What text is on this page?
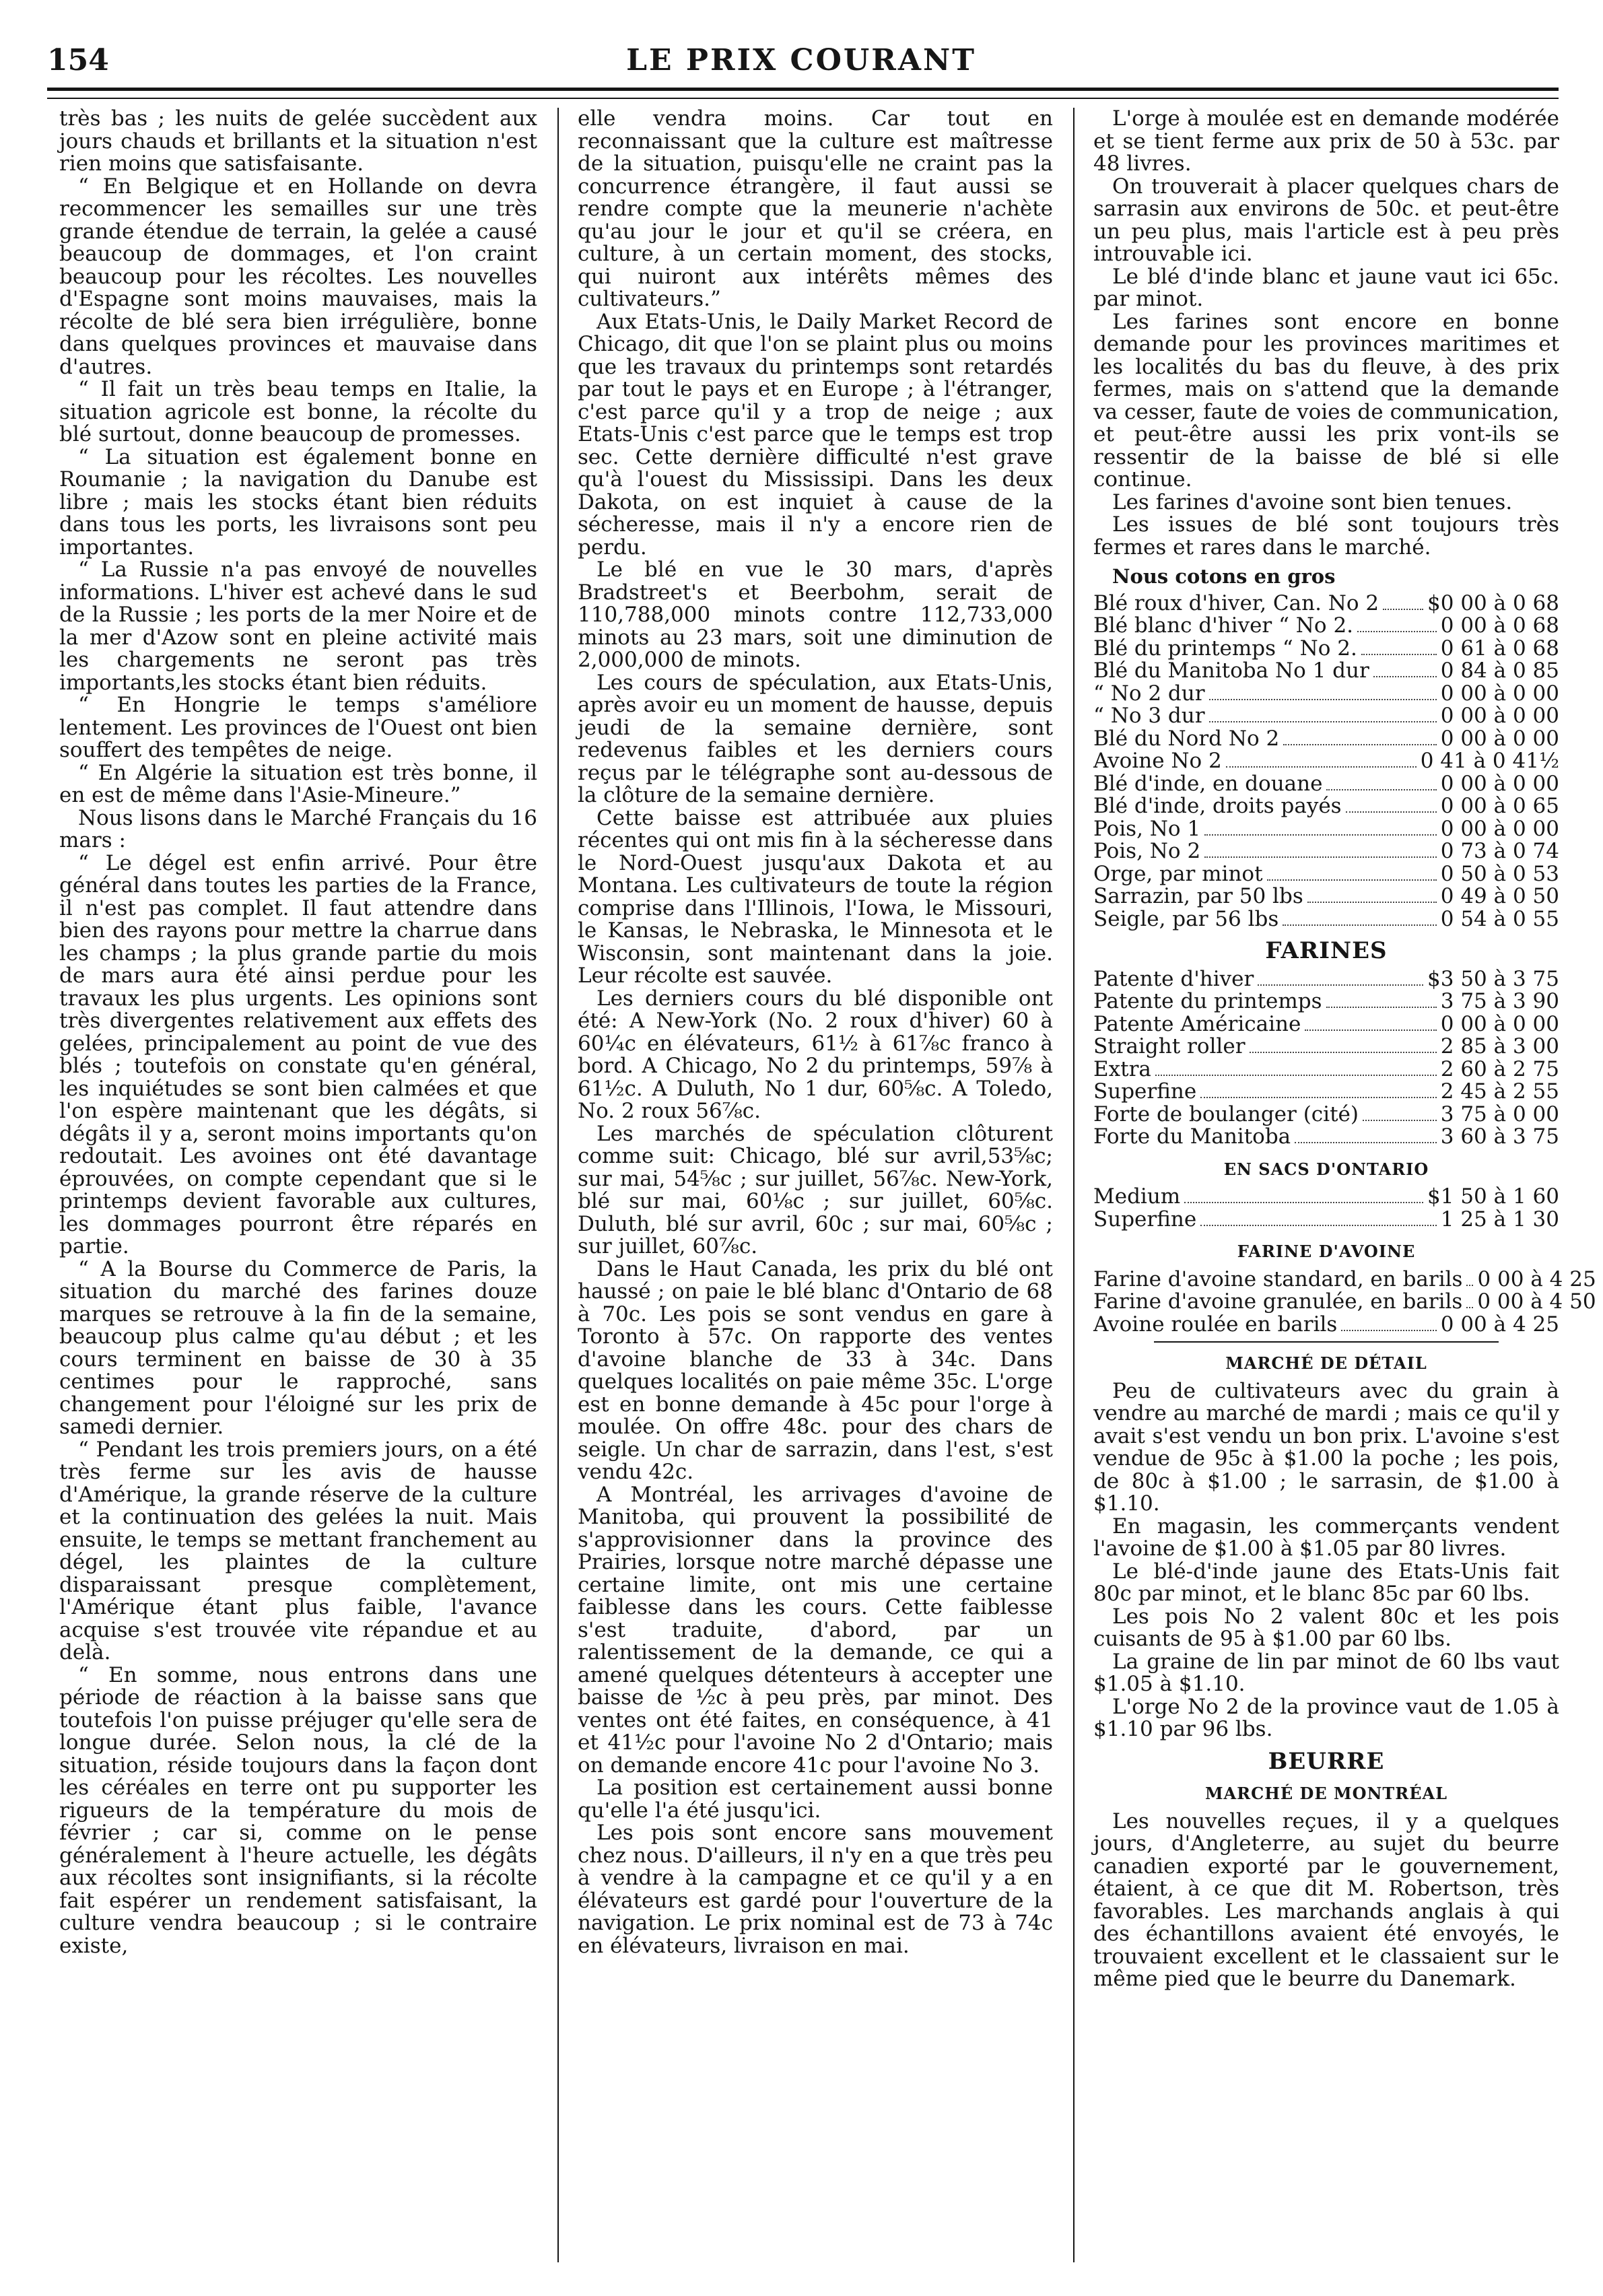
LE PRIX COURANT
154

très bas ; les nuits de gelée succèdent aux jours chauds et brillants et la situation n'est rien moins que satisfaisante.

“ En Belgique et en Hollande on devra recommencer les semailles sur une très grande étendue de terrain, la gelée a causé beaucoup de dommages, et l'on craint beaucoup pour les récoltes. Les nouvelles d'Espagne sont moins mauvaises, mais la récolte de blé sera bien irrégulière, bonne dans quelques provinces et mauvaise dans d'autres.

“ Il fait un très beau temps en Italie, la situation agricole est bonne, la récolte du blé surtout, donne beaucoup de promesses.

“ La situation est également bonne en Roumanie ; la navigation du Danube est libre ; mais les stocks étant bien réduits dans tous les ports, les livraisons sont peu importantes.

“ La Russie n'a pas envoyé de nouvelles informations. L'hiver est achevé dans le sud de la Russie ; les ports de la mer Noire et de la mer d'Azow sont en pleine activité mais les chargements ne seront pas très importants,les stocks étant bien réduits.

“ En Hongrie le temps s'améliore lentement. Les provinces de l'Ouest ont bien souffert des tempêtes de neige.

“ En Algérie la situation est très bonne, il en est de même dans l'Asie-Mineure.”

Nous lisons dans le Marché Français du 16 mars :

“ Le dégel est enfin arrivé. Pour être général dans toutes les parties de la France, il n'est pas complet. Il faut attendre dans bien des rayons pour mettre la charrue dans les champs ; la plus grande partie du mois de mars aura été ainsi perdue pour les travaux les plus urgents. Les opinions sont très divergentes relativement aux effets des gelées, principalement au point de vue des blés ; toutefois on constate qu'en général, les inquiétudes se sont bien calmées et que l'on espère maintenant que les dégâts, si dégâts il y a, seront moins importants qu'on redoutait. Les avoines ont été davantage éprouvées, on compte cependant que si le printemps devient favorable aux cultures, les dommages pourront être réparés en partie.

“ A la Bourse du Commerce de Paris, la situation du marché des farines douze marques se retrouve à la fin de la semaine, beaucoup plus calme qu'au début ; et les cours terminent en baisse de 30 à 35 centimes pour le rapproché, sans changement pour l'éloigné sur les prix de samedi dernier.

“ Pendant les trois premiers jours, on a été très ferme sur les avis de hausse d'Amérique, la grande réserve de la culture et la continuation des gelées la nuit. Mais ensuite, le temps se mettant franchement au dégel, les plaintes de la culture disparaissant presque complètement, l'Amérique étant plus faible, l'avance acquise s'est trouvée vite répandue et au delà.

“ En somme, nous entrons dans une période de réaction à la baisse sans que toutefois l'on puisse préjuger qu'elle sera de longue durée. Selon nous, la clé de la situation, réside toujours dans la façon dont les céréales en terre ont pu supporter les rigueurs de la température du mois de février ; car si, comme on le pense généralement à l'heure actuelle, les dégâts aux récoltes sont insignifiants, si la récolte fait espérer un rendement satisfaisant, la culture vendra beaucoup ; si le contraire existe,

elle vendra moins. Car tout en reconnaissant que la culture est maîtresse de la situation, puisqu'elle ne craint pas la concurrence étrangère, il faut aussi se rendre compte que la meunerie n'achète qu'au jour le jour et qu'il se créera, en culture, à un certain moment, des stocks, qui nuiront aux intérêts mêmes des cultivateurs.”

Aux Etats-Unis, le Daily Market Record de Chicago, dit que l'on se plaint plus ou moins que les travaux du printemps sont retardés par tout le pays et en Europe ; à l'étranger, c'est parce qu'il y a trop de neige ; aux Etats-Unis c'est parce que le temps est trop sec. Cette dernière difficulté n'est grave qu'à l'ouest du Mississipi. Dans les deux Dakota, on est inquiet à cause de la sécheresse, mais il n'y a encore rien de perdu.

Le blé en vue le 30 mars, d'après Bradstreet's et Beerbohm, serait de 110,788,000 minots contre 112,733,000 minots au 23 mars, soit une diminution de 2,000,000 de minots.

Les cours de spéculation, aux Etats-Unis, après avoir eu un moment de hausse, depuis jeudi de la semaine dernière, sont redevenus faibles et les derniers cours reçus par le télégraphe sont au-dessous de la clôture de la semaine dernière.

Cette baisse est attribuée aux pluies récentes qui ont mis fin à la sécheresse dans le Nord-Ouest jusqu'aux Dakota et au Montana. Les cultivateurs de toute la région comprise dans l'Illinois, l'Iowa, le Missouri, le Kansas, le Nebraska, le Minnesota et le Wisconsin, sont maintenant dans la joie. Leur récolte est sauvée.

Les derniers cours du blé disponible ont été: A New-York (No. 2 roux d'hiver) 60 à 60¼c en élévateurs, 61½ à 61⅞c franco à bord. A Chicago, No 2 du printemps, 59⅞ à 61½c. A Duluth, No 1 dur, 60⅝c. A Toledo, No. 2 roux 56⅞c.

Les marchés de spéculation clôturent comme suit: Chicago, blé sur avril,53⅝c; sur mai, 54⅝c ; sur juillet, 56⅞c. New-York, blé sur mai, 60⅛c ; sur juillet, 60⅝c. Duluth, blé sur avril, 60c ; sur mai, 60⅝c ; sur juillet, 60⅞c.

Dans le Haut Canada, les prix du blé ont haussé ; on paie le blé blanc d'Ontario de 68 à 70c. Les pois se sont vendus en gare à Toronto à 57c. On rapporte des ventes d'avoine blanche de 33 à 34c. Dans quelques localités on paie même 35c. L'orge est en bonne demande à 45c pour l'orge à moulée. On offre 48c. pour des chars de seigle. Un char de sarrazin, dans l'est, s'est vendu 42c.

A Montréal, les arrivages d'avoine de Manitoba, qui prouvent la possibilité de s'approvisionner dans la province des Prairies, lorsque notre marché dépasse une certaine limite, ont mis une certaine faiblesse dans les cours. Cette faiblesse s'est traduite, d'abord, par un ralentissement de la demande, ce qui a amené quelques détenteurs à accepter une baisse de ½c à peu près, par minot. Des ventes ont été faites, en conséquence, à 41 et 41½c pour l'avoine No 2 d'Ontario; mais on demande encore 41c pour l'avoine No 3.

La position est certainement aussi bonne qu'elle l'a été jusqu'ici.

Les pois sont encore sans mouvement chez nous. D'ailleurs, il n'y en a que très peu à vendre à la campagne et ce qu'il y a en élévateurs est gardé pour l'ouverture de la navigation. Le prix nominal est de 73 à 74c en élévateurs, livraison en mai.

L'orge à moulée est en demande modérée et se tient ferme aux prix de 50 à 53c. par 48 livres.

On trouverait à placer quelques chars de sarrasin aux environs de 50c. et peut-être un peu plus, mais l'article est à peu près introuvable ici.

Le blé d'inde blanc et jaune vaut ici 65c. par minot.

Les farines sont encore en bonne demande pour les provinces maritimes et les localités du bas du fleuve, à des prix fermes, mais on s'attend que la demande va cesser, faute de voies de communication, et peut-être aussi les prix vont-ils se ressentir de la baisse de blé si elle continue.

Les farines d'avoine sont bien tenues.

Les issues de blé sont toujours très fermes et rares dans le marché.

Nous cotons en gros
Blé roux d'hiver, Can. No 2 $0 00 à 0 68
Blé blanc d'hiver “ No 2.	0 00 à 0 68
Blé du printemps “ No 2.	0 61 à 0 68
Blé du Manitoba No 1 dur	0 84 à 0 85
“ No 2 dur	0 00 à 0 00
“ No 3 dur	0 00 à 0 00
Blé du Nord No 2	0 00 à 0 00
Avoine No 2	0 41 à 0 41½
Blé d'inde, en douane	0 00 à 0 00
Blé d'inde, droits payés	0 00 à 0 65
Pois, No 1	0 00 à 0 00
Pois, No 2	0 73 à 0 74
Orge, par minot	0 50 à 0 53
Sarrazin, par 50 lbs	0 49 à 0 50
Seigle, par 56 lbs	0 54 à 0 55
FARINES
Patente d'hiver	$3 50 à 3 75
Patente du printemps	3 75 à 3 90
Patente Américaine	0 00 à 0 00
Straight roller	2 85 à 3 00
Extra	2 60 à 2 75
Superfine	2 45 à 2 55
Forte de boulanger (cité)	3 75 à 0 00
Forte du Manitoba	3 60 à 3 75
EN SACS D'ONTARIO
Medium	$1 50 à 1 60
Superfine	1 25 à 1 30
FARINE D'AVOINE
Farine d'avoine standard, en barils 0 00 à 4 25
Farine d'avoine granulée, en barils 0 00 à 4 50
Avoine roulée en barils	0 00 à 4 25
MARCHÉ DE DÉTAIL

Peu de cultivateurs avec du grain à vendre au marché de mardi ; mais ce qu'il y avait s'est vendu un bon prix. L'avoine s'est vendue de 95c à $1.00 la poche ; les pois, de 80c à $1.00 ; le sarrasin, de $1.00 à $1.10.

En magasin, les commerçants vendent l'avoine de $1.00 à $1.05 par 80 livres.

Le blé-d'inde jaune des Etats-Unis fait 80c par minot, et le blanc 85c par 60 lbs.

Les pois No 2 valent 80c et les pois cuisants de 95 à $1.00 par 60 lbs.

La graine de lin par minot de 60 lbs vaut $1.05 à $1.10.

L'orge No 2 de la province vaut de 1.05 à $1.10 par 96 lbs.

BEURRE
MARCHÉ DE MONTRÉAL

Les nouvelles reçues, il y a quelques jours, d'Angleterre, au sujet du beurre canadien exporté par le gouvernement, étaient, à ce que dit M. Robertson, très favorables. Les marchands anglais à qui des échantillons avaient été envoyés, le trouvaient excellent et le classaient sur le même pied que le beurre du Danemark.
